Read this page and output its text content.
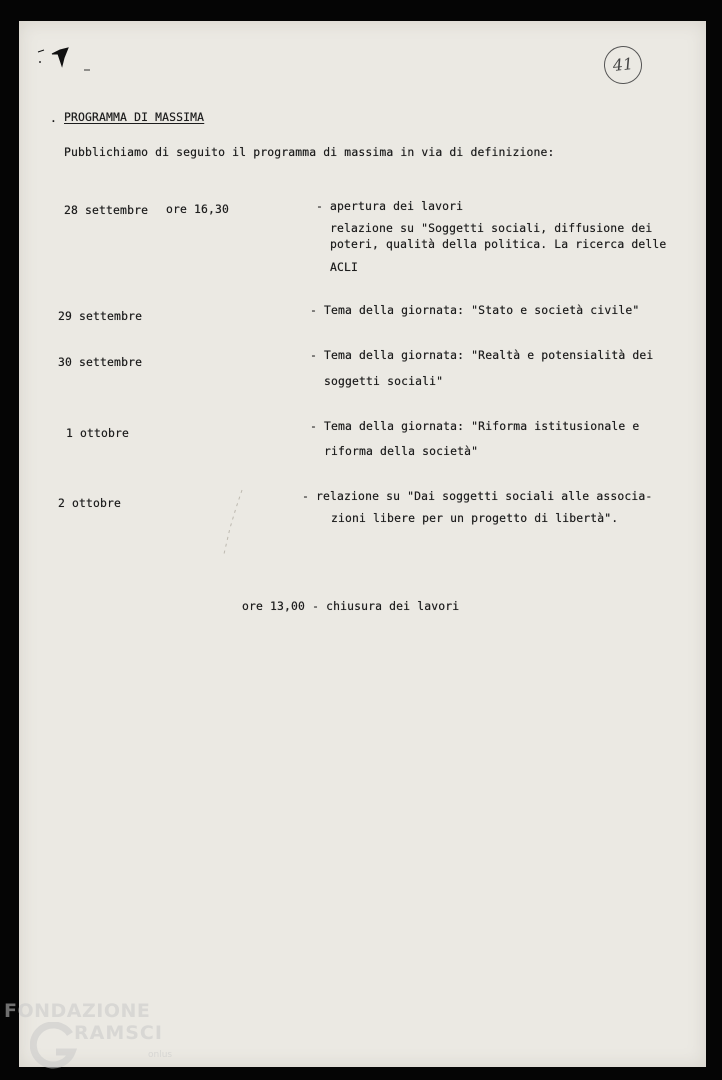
41
· PROGRAMMA DI MASSIMA
Pubblichiamo di seguito il programma di massima in via di definizione:
28 settembre ore 16,30	- apertura dei lavori
relazione su "Soggetti sociali, diffusione dei
poteri, qualità della politica. La ricerca delle
ACLI
29 settembre	- Tema della giornata: "Stato e società civile"
30 settembre	- Tema della giornata: "Realtà e potensialità dei
soggetti sociali"
1 ottobre	- Tema della giornata: "Riforma istitusionale e
riforma della società"
2 ottobre	- relazione su "Dai soggetti sociali alle associa-
zioni libere per un progetto di libertà".
ore 13,00 - chiusura dei lavori
FONDAZIONE
RAMSCI
onlus
